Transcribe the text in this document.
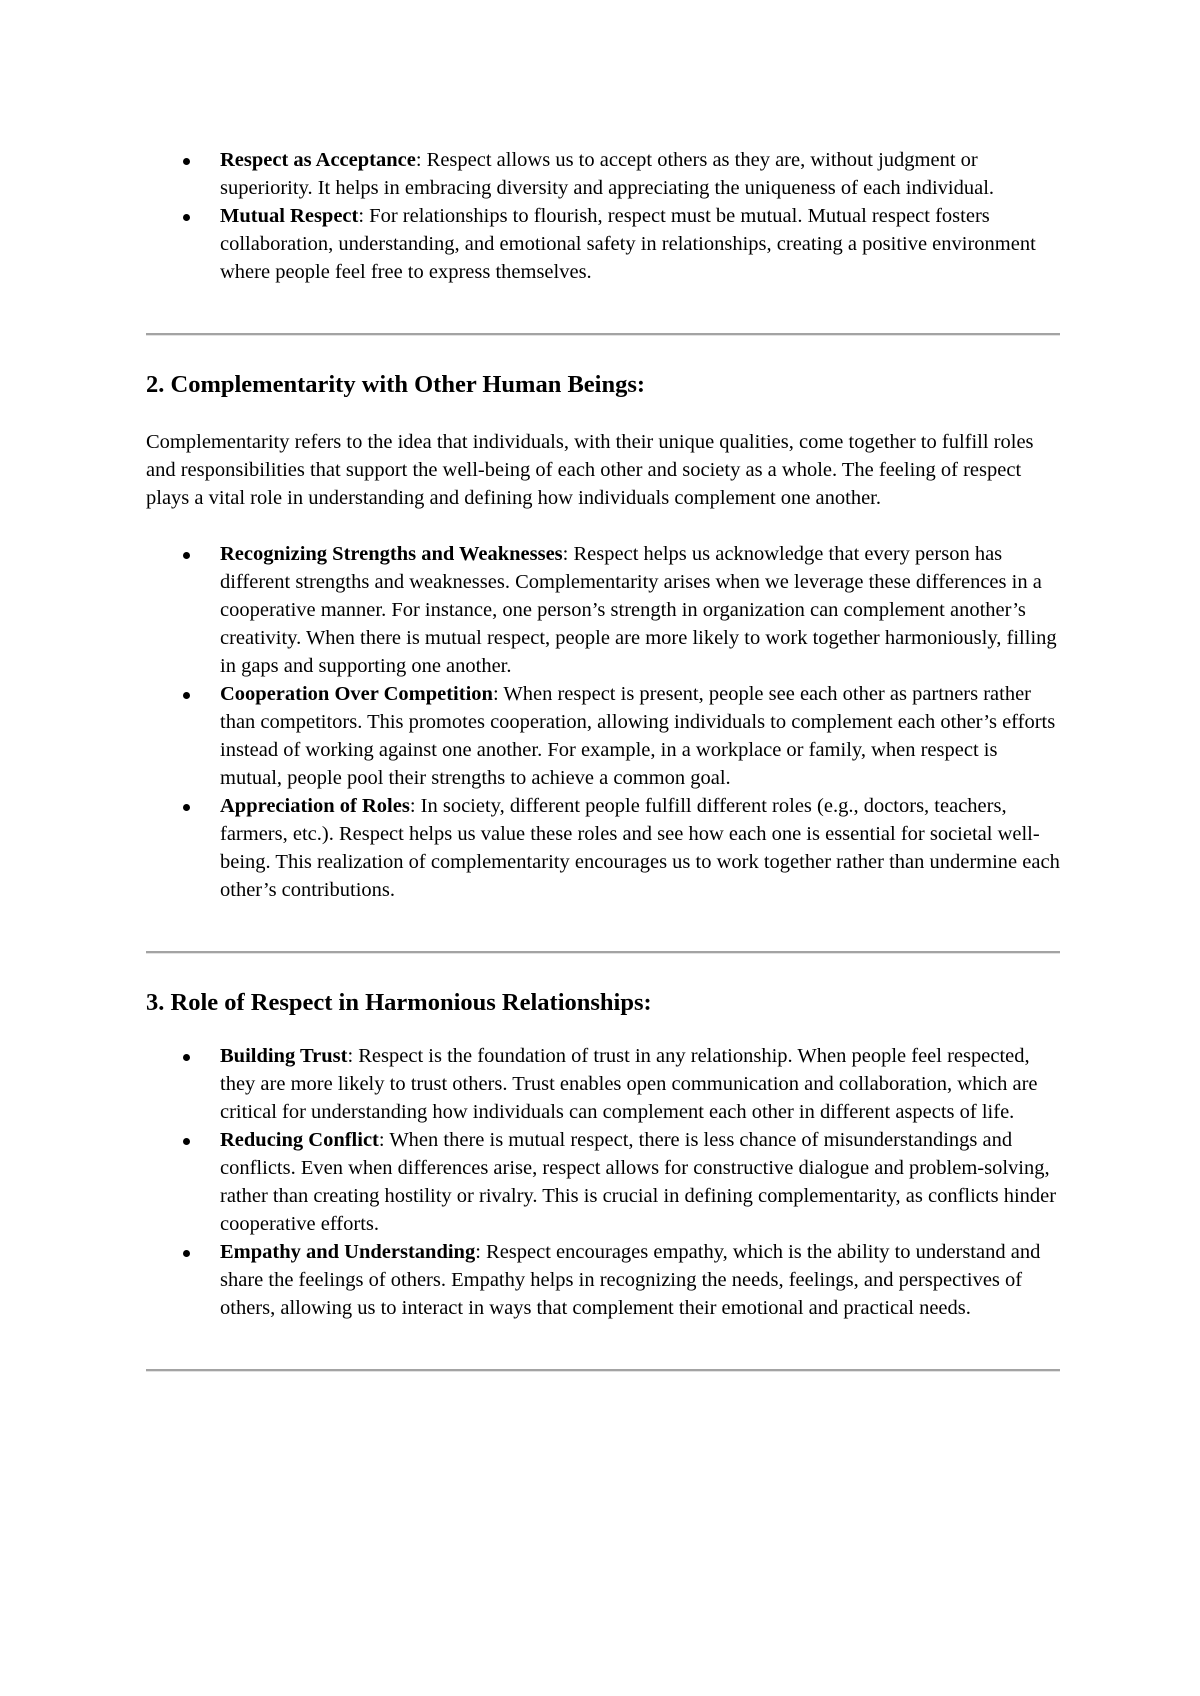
Respect as Acceptance: Respect allows us to accept others as they are, without judgment or superiority. It helps in embracing diversity and appreciating the uniqueness of each individual.
Mutual Respect: For relationships to flourish, respect must be mutual. Mutual respect fosters collaboration, understanding, and emotional safety in relationships, creating a positive environment where people feel free to express themselves.
2. Complementarity with Other Human Beings:

Complementarity refers to the idea that individuals, with their unique qualities, come together to fulfill roles and responsibilities that support the well-being of each other and society as a whole. The feeling of respect plays a vital role in understanding and defining how individuals complement one another.

Recognizing Strengths and Weaknesses: Respect helps us acknowledge that every person has different strengths and weaknesses. Complementarity arises when we leverage these differences in a cooperative manner. For instance, one person’s strength in organization can complement another’s creativity. When there is mutual respect, people are more likely to work together harmoniously, filling in gaps and supporting one another.
Cooperation Over Competition: When respect is present, people see each other as partners rather than competitors. This promotes cooperation, allowing individuals to complement each other’s efforts instead of working against one another. For example, in a workplace or family, when respect is mutual, people pool their strengths to achieve a common goal.
Appreciation of Roles: In society, different people fulfill different roles (e.g., doctors, teachers, farmers, etc.). Respect helps us value these roles and see how each one is essential for societal well-being. This realization of complementarity encourages us to work together rather than undermine each other’s contributions.
3. Role of Respect in Harmonious Relationships:
Building Trust: Respect is the foundation of trust in any relationship. When people feel respected, they are more likely to trust others. Trust enables open communication and collaboration, which are critical for understanding how individuals can complement each other in different aspects of life.
Reducing Conflict: When there is mutual respect, there is less chance of misunderstandings and conflicts. Even when differences arise, respect allows for constructive dialogue and problem-solving, rather than creating hostility or rivalry. This is crucial in defining complementarity, as conflicts hinder cooperative efforts.
Empathy and Understanding: Respect encourages empathy, which is the ability to understand and share the feelings of others. Empathy helps in recognizing the needs, feelings, and perspectives of others, allowing us to interact in ways that complement their emotional and practical needs.
